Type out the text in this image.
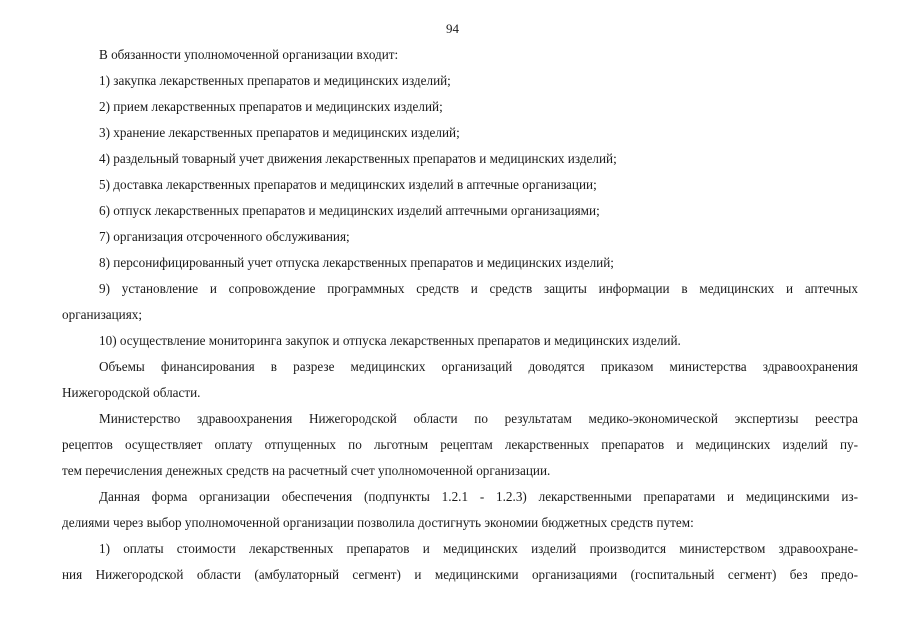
94
В обязанности уполномоченной организации входит:
1) закупка лекарственных препаратов и медицинских изделий;
2) прием лекарственных препаратов и медицинских изделий;
3) хранение лекарственных препаратов и медицинских изделий;
4) раздельный товарный учет движения лекарственных препаратов и медицинских изделий;
5) доставка лекарственных препаратов и медицинских изделий в аптечные организации;
6) отпуск лекарственных препаратов и медицинских изделий аптечными организациями;
7) организация отсроченного обслуживания;
8) персонифицированный учет отпуска лекарственных препаратов и медицинских изделий;
9) установление и сопровождение программных средств и средств защиты информации в медицинских и аптечных
организациях;
10) осуществление мониторинга закупок и отпуска лекарственных препаратов и медицинских изделий.
Объемы финансирования в разрезе медицинских организаций доводятся приказом министерства здравоохранения
Нижегородской области.
Министерство здравоохранения Нижегородской области по результатам медико-экономической экспертизы реестра
рецептов осуществляет оплату отпущенных по льготным рецептам лекарственных препаратов и медицинских изделий пу-
тем перечисления денежных средств на расчетный счет уполномоченной организации.
Данная форма организации обеспечения (подпункты 1.2.1 - 1.2.3) лекарственными препаратами и медицинскими из-
делиями через выбор уполномоченной организации позволила достигнуть экономии бюджетных средств путем:
1) оплаты стоимости лекарственных препаратов и медицинских изделий производится министерством здравоохране-
ния Нижегородской области (амбулаторный сегмент) и медицинскими организациями (госпитальный сегмент) без предо-
